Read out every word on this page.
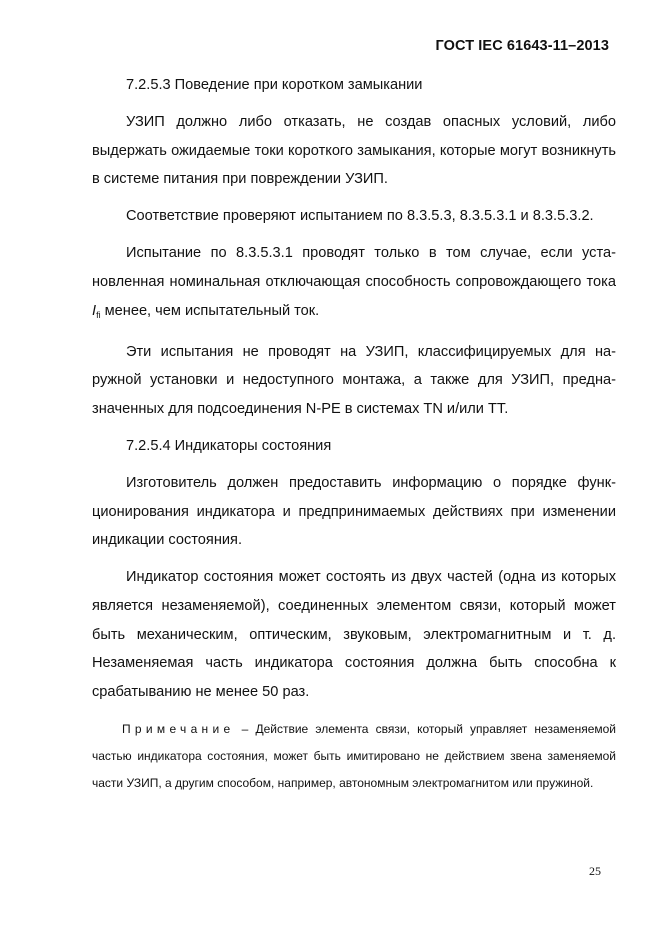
ГОСТ IEC 61643-11–2013

7.2.5.3 Поведение при коротком замыкании

УЗИП должно либо отказать, не создав опасных условий, либо выдержать ожидаемые токи короткого замыкания, которые могут возникнуть в системе питания при повреждении УЗИП.

Соответствие проверяют испытанием по 8.3.5.3, 8.3.5.3.1 и 8.3.5.3.2.

Испытание по 8.3.5.3.1 проводят только в том случае, если установленная номинальная отключающая способность сопровождающего тока $I_{fi}$ менее, чем испытательный ток.

Эти испытания не проводят на УЗИП, классифицируемых для наружной установки и недоступного монтажа, а также для УЗИП, предназначенных для подсоединения N-PE в системах TN и/или TT.

7.2.5.4 Индикаторы состояния

Изготовитель должен предоставить информацию о порядке функционирования индикатора и предпринимаемых действиях при изменении индикации состояния.

Индикатор состояния может состоять из двух частей (одна из которых является незаменяемой), соединенных элементом связи, который может быть механическим, оптическим, звуковым, электромагнитным и т. д. Незаменяемая часть индикатора состояния должна быть способна к срабатыванию не менее 50 раз.

Примечание – Действие элемента связи, который управляет незаменяемой частью индикатора состояния, может быть имитировано не действием звена заменяемой части УЗИП, а другим способом, например, автономным электромагнитом или пружиной.
25
